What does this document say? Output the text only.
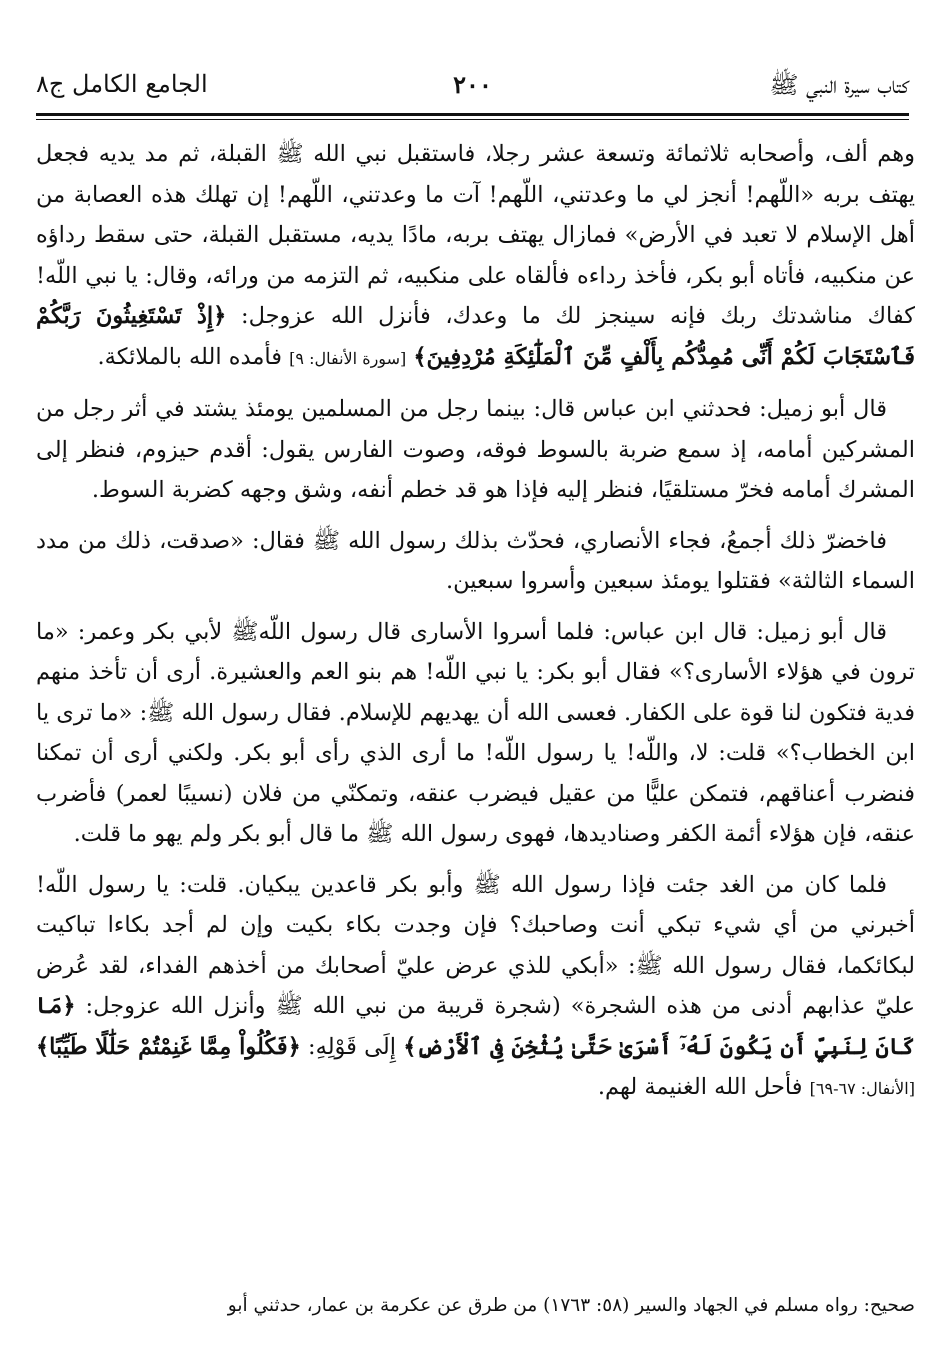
كتاب سيرة النبي ﷺ
٢٠٠
الجامع الكامل ج٨

وهم ألف، وأصحابه ثلاثمائة وتسعة عشر رجلا، فاستقبل نبي الله ﷺ القبلة، ثم مد يديه فجعل يهتف بربه «اللّهم! أنجز لي ما وعدتني، اللّهم! آت ما وعدتني، اللّهم! إن تهلك هذه العصابة من أهل الإسلام لا تعبد في الأرض» فمازال يهتف بربه، مادًا يديه، مستقبل القبلة، حتى سقط رداؤه عن منكبيه، فأتاه أبو بكر، فأخذ رداءه فألقاه على منكبيه، ثم التزمه من ورائه، وقال: يا نبي اللّه! كفاك مناشدتك ربك فإنه سينجز لك ما وعدك، فأنزل الله عزوجل: ﴿إِذْ تَسْتَغِيثُونَ رَبَّكُمْ فَٱسْتَجَابَ لَكُمْ أَنِّى مُمِدُّكُم بِأَلْفٍ مِّنَ ٱلْمَلَٰٓئِكَةِ مُرْدِفِينَ﴾ [سورة الأنفال: ٩] فأمده الله بالملائكة.

قال أبو زميل: فحدثني ابن عباس قال: بينما رجل من المسلمين يومئذ يشتد في أثر رجل من المشركين أمامه، إذ سمع ضربة بالسوط فوقه، وصوت الفارس يقول: أقدم حيزوم، فنظر إلى المشرك أمامه فخرّ مستلقيًا، فنظر إليه فإذا هو قد خطم أنفه، وشق وجهه كضربة السوط.

فاخضرّ ذلك أجمعُ، فجاء الأنصاري، فحدّث بذلك رسول الله ﷺ فقال: «صدقت، ذلك من مدد السماء الثالثة» فقتلوا يومئذ سبعين وأسروا سبعين.

قال أبو زميل: قال ابن عباس: فلما أسروا الأسارى قال رسول اللّهﷺ لأبي بكر وعمر: «ما ترون في هؤلاء الأسارى؟» فقال أبو بكر: يا نبي اللّه! هم بنو العم والعشيرة. أرى أن تأخذ منهم فدية فتكون لنا قوة على الكفار. فعسى الله أن يهديهم للإسلام. فقال رسول الله ﷺ: «ما ترى يا ابن الخطاب؟» قلت: لا، واللّه! يا رسول اللّه! ما أرى الذي رأى أبو بكر. ولكني أرى أن تمكنا فنضرب أعناقهم، فتمكن عليًّا من عقيل فيضرب عنقه، وتمكنّي من فلان (نسيبًا لعمر) فأضرب عنقه، فإن هؤلاء أئمة الكفر وصناديدها، فهوى رسول الله ﷺ ما قال أبو بكر ولم يهو ما قلت.

فلما كان من الغد جئت فإذا رسول الله ﷺ وأبو بكر قاعدين يبكيان. قلت: يا رسول اللّه! أخبرني من أي شيء تبكي أنت وصاحبك؟ فإن وجدت بكاء بكيت وإن لم أجد بكاءا تباكيت لبكائكما، فقال رسول الله ﷺ: «أبكي للذي عرض عليّ أصحابك من أخذهم الفداء، لقد عُرض عليّ عذابهم أدنى من هذه الشجرة» (شجرة قريبة من نبي الله ﷺ وأنزل الله عزوجل: ﴿مَا كَانَ لِنَبِيٍّ أَن يَكُونَ لَهُۥٓ أَسْرَىٰ حَتَّىٰ يُثْخِنَ فِى ٱلْأَرْضِ﴾ إِلَى قَوْلِهِ: ﴿فَكُلُواْ مِمَّا غَنِمْتُمْ حَلَٰلًا طَيِّبًا﴾ [الأنفال: ٦٧-٦٩] فأحل الله الغنيمة لهم.

صحيح: رواه مسلم في الجهاد والسير (٥٨: ١٧٦٣) من طرق عن عكرمة بن عمار، حدثني أبو
